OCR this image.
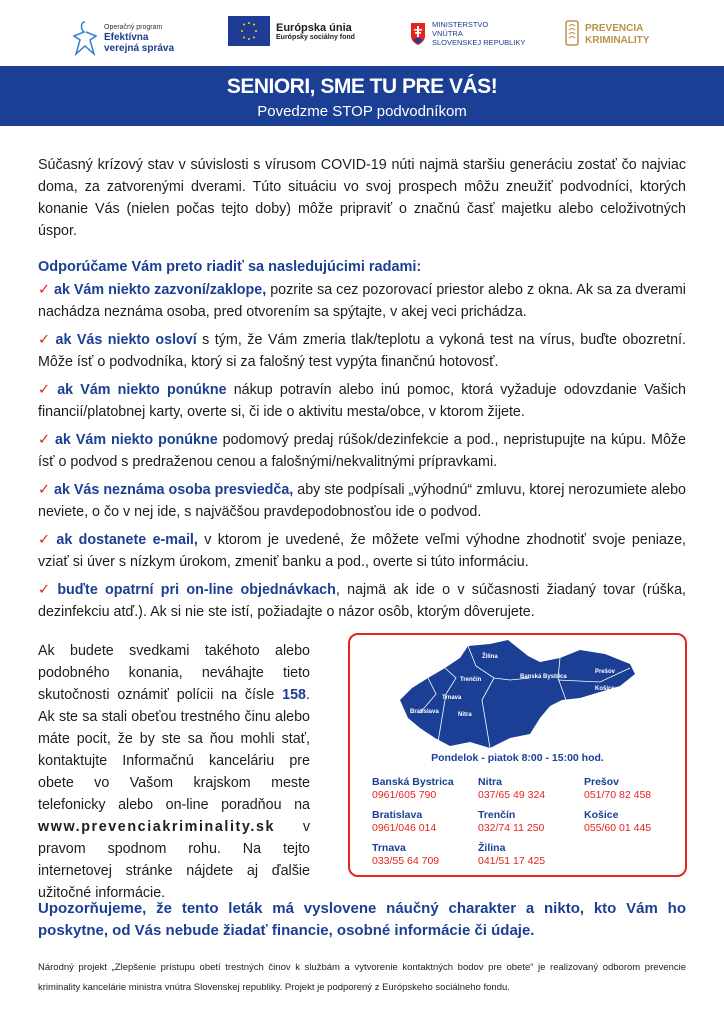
Operačný program
Efektívna
verejná správa
Európska únia
Európsky sociálny fond
MINISTERSTVO
VNÚTRA
SLOVENSKEJ REPUBLIKY
PREVENCIA
KRIMINALITY
SENIORI, SME TU PRE VÁS!
Povedzme STOP podvodníkom

Súčasný krízový stav v súvislosti s vírusom COVID-19 núti najmä staršiu generáciu zostať čo najviac doma, za zatvorenými dverami. Túto situáciu vo svoj prospech môžu zneužiť podvodníci, ktorých konanie Vás (nielen počas tejto doby) môže pripraviť o značnú časť majetku alebo celoživotných úspor.

Odporúčame Vám preto riadiť sa nasledujúcimi radami:

✓ ak Vám niekto zazvoní/zaklope, pozrite sa cez pozorovací priestor alebo z okna. Ak sa za dverami nachádza neznáma osoba, pred otvorením sa spýtajte, v akej veci prichádza.

✓ ak Vás niekto osloví s tým, že Vám zmeria tlak/teplotu a vykoná test na vírus, buďte obozretní. Môže ísť o podvodníka, ktorý si za falošný test vypýta finančnú hotovosť.

✓ ak Vám niekto ponúkne nákup potravín alebo inú pomoc, ktorá vyžaduje odovzdanie Vašich financií/platobnej karty, overte si, či ide o aktivitu mesta/obce, v ktorom žijete.

✓ ak Vám niekto ponúkne podomový predaj rúšok/dezinfekcie a pod., nepristupujte na kúpu. Môže ísť o podvod s predraženou cenou a falošnými/nekvalitnými prípravkami.

✓ ak Vás neznáma osoba presviedča, aby ste podpísali „výhodnú“ zmluvu, ktorej nerozumiete alebo neviete, o čo v nej ide, s najväčšou pravdepodobnosťou ide o podvod.

✓ ak dostanete e-mail, v ktorom je uvedené, že môžete veľmi výhodne zhodnotiť svoje peniaze, vziať si úver s nízkym úrokom, zmeniť banku a pod., overte si túto informáciu.

✓ buďte opatrní pri on-line objednávkach, najmä ak ide o v súčasnosti žiadaný tovar (rúška, dezinfekciu atď.). Ak si nie ste istí, požiadajte o názor osôb, ktorým dôverujete.

Ak budete svedkami takéhoto alebo podobného konania, neváhajte tieto skutočnosti oznámiť polícii na čísle 158. Ak ste sa stali obeťou trestného činu alebo máte pocit, že by ste sa ňou mohli stať, kontaktujte Informačnú kanceláriu pre obete vo Vašom krajskom meste telefonicky alebo on-line poradňou na www.prevenciakriminality.sk v pravom spodnom rohu. Na tejto internetovej stránke nájdete aj ďalšie užitočné informácie.

Žilina
Trenčín	Banská Bystrica
Prešov
Košice
Trnava
Bratislava	Nitra
Pondelok - piatok 8:00 - 15:00 hod.
Banská Bystrica
0961/605 790
Nitra
037/65 49 324
Prešov
051/70 82 458
Bratislava
0961/046 014
Trenčín
032/74 11 250
Košice
055/60 01 445
Trnava
033/55 64 709
Žilina
041/51 17 425

Upozorňujeme, že tento leták má vyslovene náučný charakter a nikto, kto Vám ho poskytne, od Vás nebude žiadať financie, osobné informácie či údaje.

Národný projekt „Zlepšenie prístupu obetí trestných činov k službám a vytvorenie kontaktných bodov pre obete“ je realizovaný odborom prevencie kriminality kancelárie ministra vnútra Slovenskej republiky. Projekt je podporený z Európskeho sociálneho fondu.
